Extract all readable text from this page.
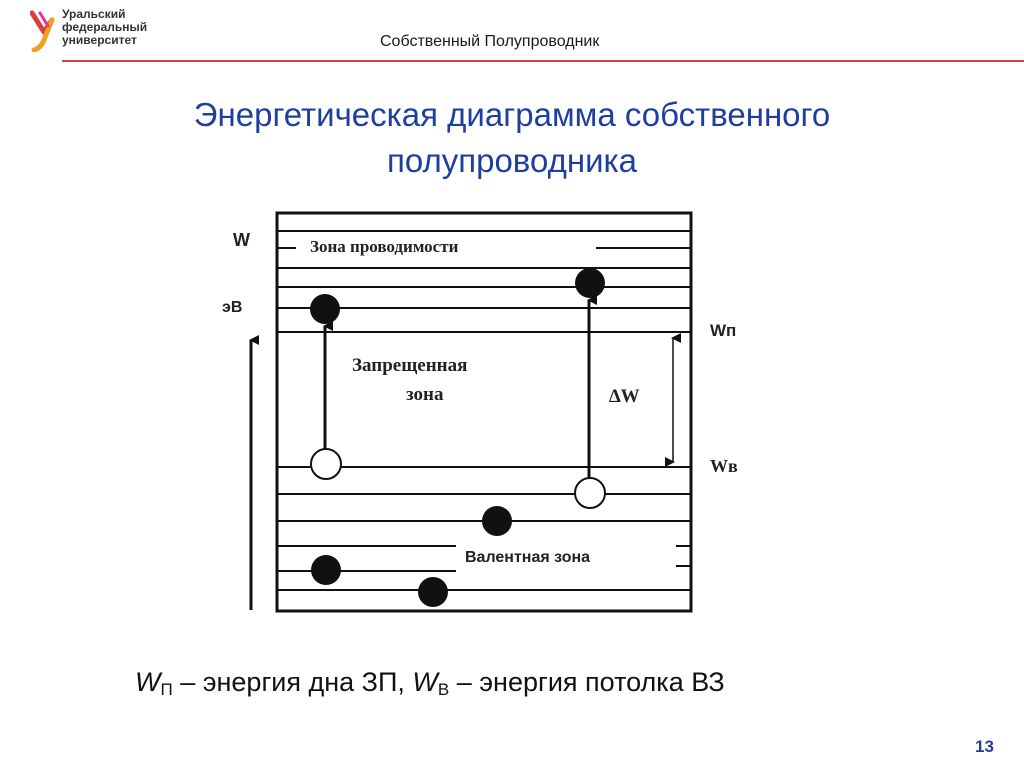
Уральский
федеральный
университет	Собственный Полупроводник
Энергетическая диаграмма собственного
полупроводника
W
эВ
Зона проводимости
Запрещенная
зона
Валентная зона
∆W
Wп
Wв
$W_П$ – энергия дна ЗП, $W_В$ – энергия потолка ВЗ
13
